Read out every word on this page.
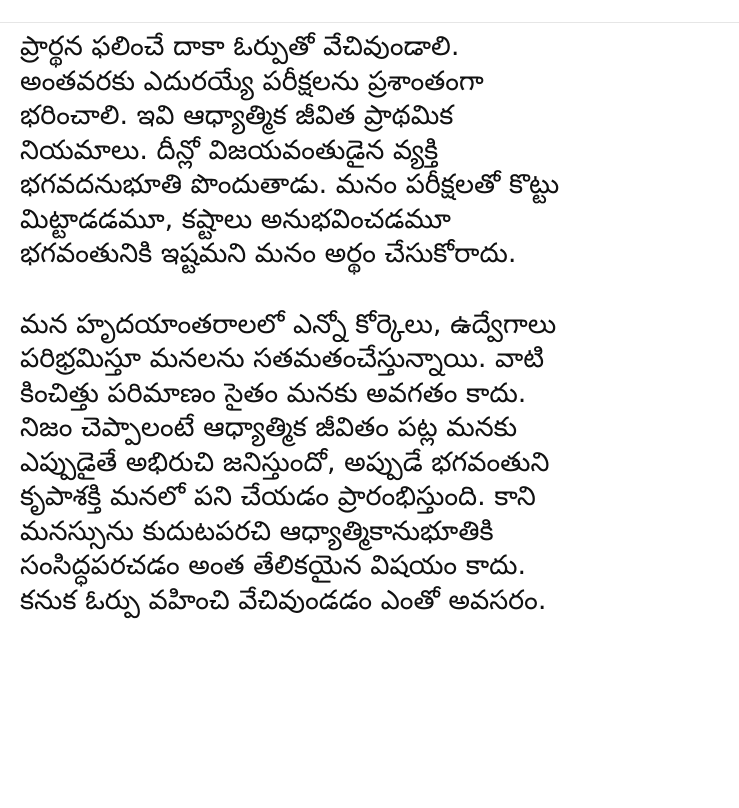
ప్రార్థన ఫలించే దాకా ఓర్పుతో వేచివుండాలి.
అంతవరకు ఎదురయ్యే పరీక్షలను ప్రశాంతంగా
భరించాలి. ఇవి ఆధ్యాత్మిక జీవిత ప్రాథమిక
నియమాలు. దీన్లో విజయవంతుడైన వ్యక్తి
భగవదనుభూతి పొందుతాడు. మనం పరీక్షలతో కొట్టు
మిట్టాడడమూ, కష్టాలు అనుభవించడమూ
భగవంతునికి ఇష్టమని మనం అర్థం చేసుకోరాదు.

మన హృదయాంతరాలలో ఎన్నో కోర్కెలు, ఉద్వేగాలు
పరిభ్రమిస్తూ మనలను సతమతంచేస్తున్నాయి. వాటి
కించిత్తు పరిమాణం సైతం మనకు అవగతం కాదు.
నిజం చెప్పాలంటే ఆధ్యాత్మిక జీవితం పట్ల మనకు
ఎప్పుడైతే అభిరుచి జనిస్తుందో, అప్పుడే భగవంతుని
కృపాశక్తి మనలో పని చేయడం ప్రారంభిస్తుంది. కాని
మనస్సును కుదుటపరచి ఆధ్యాత్మికానుభూతికి
సంసిద్ధపరచడం అంత తేలికయైన విషయం కాదు.
కనుక ఓర్పు వహించి వేచివుండడం ఎంతో అవసరం.
